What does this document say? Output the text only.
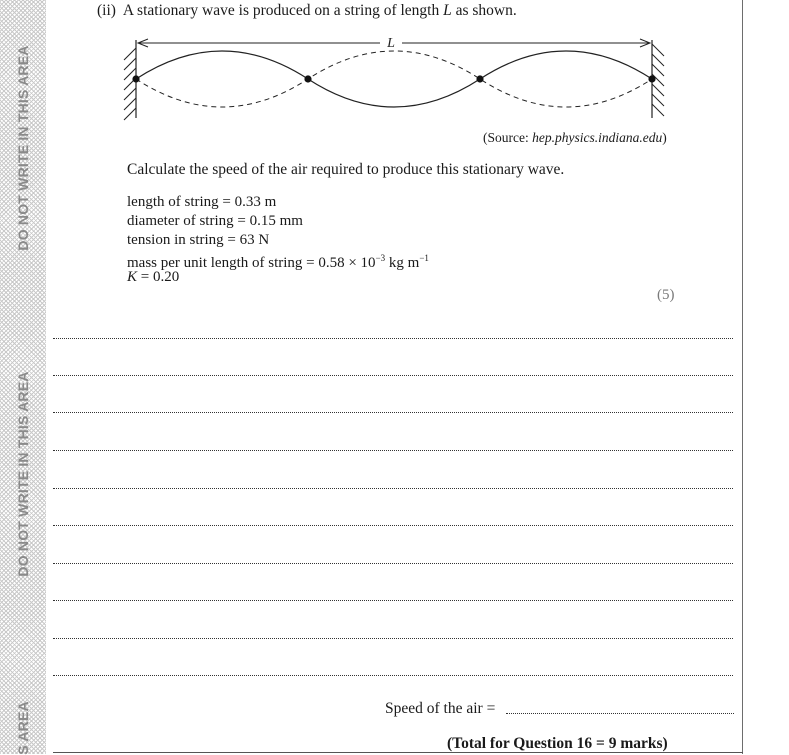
DO NOT WRITE IN THIS AREA
DO NOT WRITE IN THIS AREA
S AREA
(ii) A stationary wave is produced on a string of length L as shown.
L
(Source: hep.physics.indiana.edu)
Calculate the speed of the air required to produce this stationary wave.
length of string = 0.33 m
diameter of string = 0.15 mm
tension in string = 63 N
mass per unit length of string = $0.58 \times 10^{-3}$ kg $m^{-1}$
K = 0.20
(5)
Speed of the air =
(Total for Question 16 = 9 marks)
